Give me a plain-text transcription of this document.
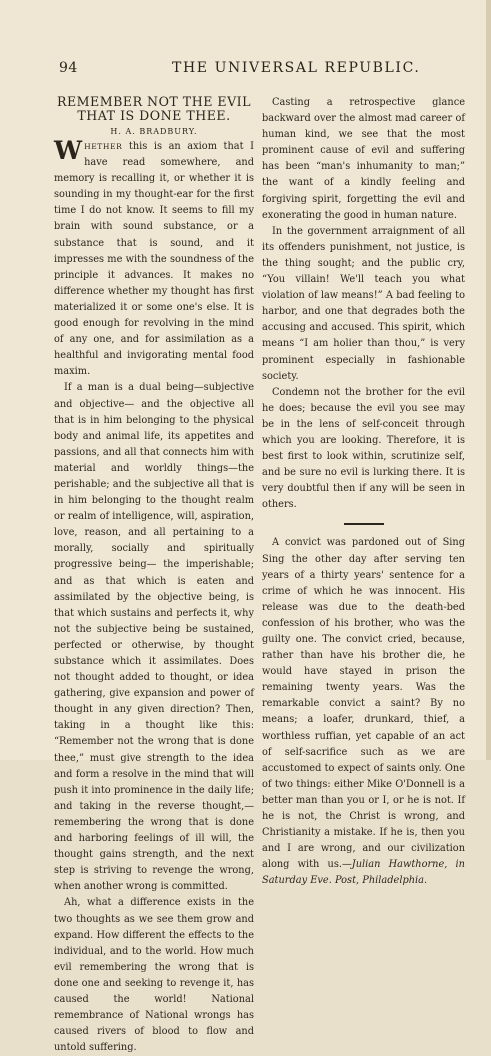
94	THE UNIVERSAL REPUBLIC.
REMEMBER NOT THE EVIL THAT IS DONE THEE.
H. A. BRADBURY.

WHETHER this is an axiom that I have read somewhere, and memory is recalling it, or whether it is sounding in my thought-ear for the first time I do not know. It seems to fill my brain with sound substance, or a substance that is sound, and it impresses me with the soundness of the principle it advances. It makes no difference whether my thought has first materialized it or some one's else. It is good enough for revolving in the mind of any one, and for assimilation as a healthful and invigorating mental food maxim.

If a man is a dual being—subjective and objective— and the objective all that is in him belonging to the physical body and animal life, its appetites and passions, and all that connects him with material and worldly things—the perishable; and the subjective all that is in him belonging to the thought realm or realm of intelligence, will, aspiration, love, reason, and all pertaining to a morally, socially and spiritually progressive being— the imperishable; and as that which is eaten and assimilated by the objective being, is that which sustains and perfects it, why not the subjective being be sustained, perfected or otherwise, by thought substance which it assimilates. Does not thought added to thought, or idea gathering, give expansion and power of thought in any given direction? Then, taking in a thought like this: “Remember not the wrong that is done thee,” must give strength to the idea and form a resolve in the mind that will push it into prominence in the daily life; and taking in the reverse thought,—remembering the wrong that is done and harboring feelings of ill will, the thought gains strength, and the next step is striving to revenge the wrong, when another wrong is committed.

Ah, what a difference exists in the two thoughts as we see them grow and expand. How different the effects to the individual, and to the world. How much evil remembering the wrong that is done one and seeking to revenge it, has caused the world! National remembrance of National wrongs has caused rivers of blood to flow and untold suffering.

Casting a retrospective glance backward over the almost mad career of human kind, we see that the most prominent cause of evil and suffering has been “man's inhumanity to man;” the want of a kindly feeling and forgiving spirit, forgetting the evil and exonerating the good in human nature.

In the government arraignment of all its offenders punishment, not justice, is the thing sought; and the public cry, “You villain! We'll teach you what violation of law means!” A bad feeling to harbor, and one that degrades both the accusing and accused. This spirit, which means “I am holier than thou,” is very prominent especially in fashionable society.

Condemn not the brother for the evil he does; because the evil you see may be in the lens of self-conceit through which you are looking. Therefore, it is best first to look within, scrutinize self, and be sure no evil is lurking there. It is very doubtful then if any will be seen in others.

A convict was pardoned out of Sing Sing the other day after serving ten years of a thirty years' sentence for a crime of which he was innocent. His release was due to the death-bed confession of his brother, who was the guilty one. The convict cried, because, rather than have his brother die, he would have stayed in prison the remaining twenty years. Was the remarkable convict a saint? By no means; a loafer, drunkard, thief, a worthless ruffian, yet capable of an act of self-sacrifice such as we are accustomed to expect of saints only. One of two things: either Mike O'Donnell is a better man than you or I, or he is not. If he is not, the Christ is wrong, and Christianity a mistake. If he is, then you and I are wrong, and our civilization along with us.—Julian Hawthorne, in Saturday Eve. Post, Philadelphia.
